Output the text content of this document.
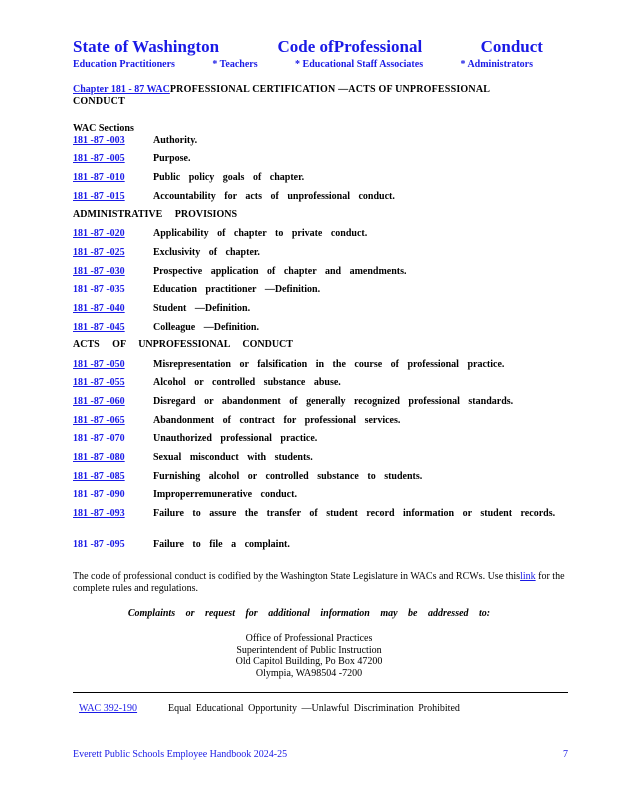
State of Washington	Code ofProfessional	Conduct
Education Practitioners	* Teachers	* Educational Staff Associates	* Administrators
Chapter 181 - 87 WACPROFESSIONAL CERTIFICATION —ACTS OF UNPROFESSIONAL CONDUCT
WAC Sections
181 -87 -003	Authority.
181 -87 -005	Purpose.
181 -87 -010	Public policy goals of chapter.
181 -87 -015	Accountability for acts of unprofessional conduct.
181 -87 -020	Applicability of chapter to private conduct.
181 -87 -025	Exclusivity of chapter.
181 -87 -030	Prospective application of chapter and amendments.
181 -87 -035	Education practitioner —Definition.
181 -87 -040	Student —Definition.
181 -87 -045	Colleague —Definition.
181 -87 -050	Misrepresentation or falsification in the course of professional practice.
181 -87 -055	Alcohol or controlled substance abuse.
181 -87 -060	Disregard or abandonment of generally recognized professional standards.
181 -87 -065	Abandonment of contract for professional services.
181 -87 -070	Unauthorized professional practice.
181 -87 -080	Sexual misconduct with students.
181 -87 -085	Furnishing alcohol or controlled substance to students.
181 -87 -090	Improperremunerative conduct.
181 -87 -093	Failure to assure the transfer of student record information or student records.
181 -87 -095	Failure to file a complaint.
ADMINISTRATIVE PROVISIONS
ACTS OF UNPROFESSIONAL CONDUCT
The code of professional conduct is codified by the Washington State Legislature in WACs and RCWs. Use thislink for the complete rules and regulations.
Complaints or request for additional information may be addressed to:
Office of Professional Practices
Superintendent of Public Instruction
Old Capitol Building, Po Box 47200
Olympia, WA98504 -7200
WAC 392-190	Equal Educational Opportunity —Unlawful Discrimination Prohibited
Everett Public Schools Employee Handbook 2024-25	7
